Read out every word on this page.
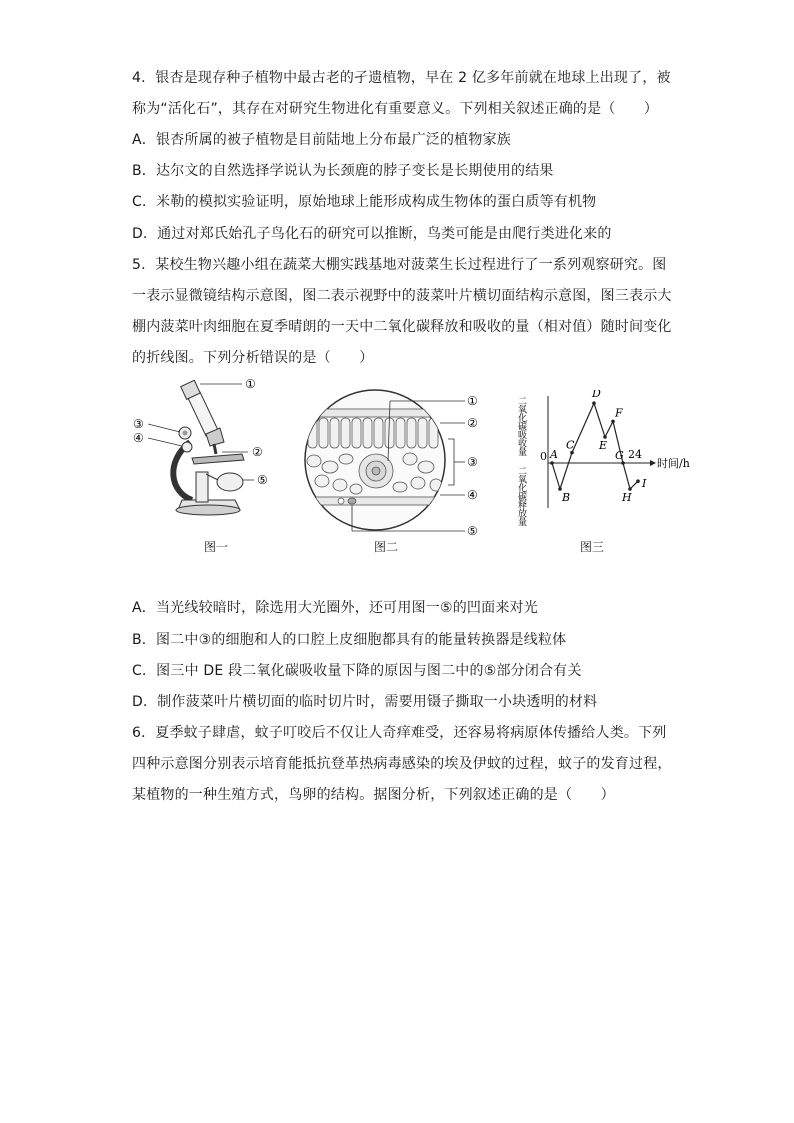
4．银杏是现存种子植物中最古老的孑遗植物，早在 2 亿多年前就在地球上出现了，被
称为“活化石”，其存在对研究生物进化有重要意义。下列相关叙述正确的是（　　）
A．银杏所属的被子植物是目前陆地上分布最广泛的植物家族
B．达尔文的自然选择学说认为长颈鹿的脖子变长是长期使用的结果
C．米勒的模拟实验证明，原始地球上能形成构成生物体的蛋白质等有机物
D．通过对郑氏始孔子鸟化石的研究可以推断，鸟类可能是由爬行类进化来的
5．某校生物兴趣小组在蔬菜大棚实践基地对菠菜生长过程进行了一系列观察研究。图
一表示显微镜结构示意图，图二表示视野中的菠菜叶片横切面结构示意图，图三表示大
棚内菠菜叶肉细胞在夏季晴朗的一天中二氧化碳释放和吸收的量（相对值）随时间变化
的折线图。下列分析错误的是（　　）
①
②
③
④
⑤
图一
①
②
③
④
⑤
图二
二
氧
化
碳
吸
收
量
二
氧
化
碳
释
放
量
0
时间/h
24
A
B
C
D
E
F
G
H
I
图三
A．当光线较暗时，除选用大光圈外，还可用图一⑤的凹面来对光
B．图二中③的细胞和人的口腔上皮细胞都具有的能量转换器是线粒体
C．图三中 DE 段二氧化碳吸收量下降的原因与图二中的⑤部分闭合有关
D．制作菠菜叶片横切面的临时切片时，需要用镊子撕取一小块透明的材料
6．夏季蚊子肆虐，蚊子叮咬后不仅让人奇痒难受，还容易将病原体传播给人类。下列
四种示意图分别表示培育能抵抗登革热病毒感染的埃及伊蚊的过程，蚊子的发育过程，
某植物的一种生殖方式，鸟卵的结构。据图分析，下列叙述正确的是（　　）
